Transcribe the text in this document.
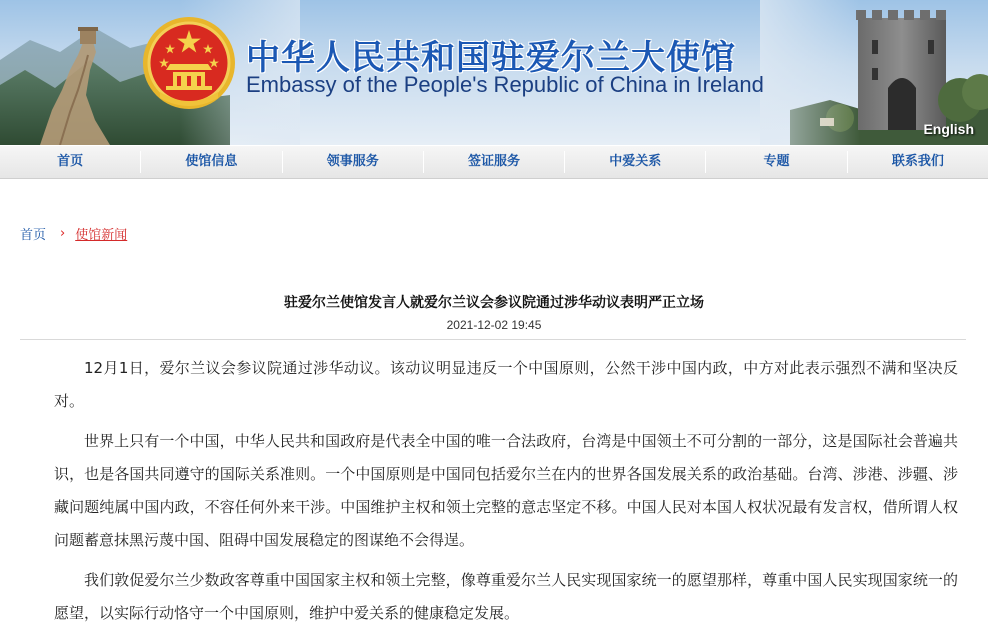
中华人民共和国驻爱尔兰大使馆
Embassy of the People's Republic of China in Ireland
English
首页	使馆信息	领事服务	签证服务	中爱关系	专题	联系我们
首页 › 使馆新闻
驻爱尔兰使馆发言人就爱尔兰议会参议院通过涉华动议表明严正立场
2021-12-02 19:45

12月1日，爱尔兰议会参议院通过涉华动议。该动议明显违反一个中国原则，公然干涉中国内政，中方对此表示强烈不满和坚决反对。

世界上只有一个中国，中华人民共和国政府是代表全中国的唯一合法政府，台湾是中国领土不可分割的一部分，这是国际社会普遍共识，也是各国共同遵守的国际关系准则。一个中国原则是中国同包括爱尔兰在内的世界各国发展关系的政治基础。台湾、涉港、涉疆、涉藏问题纯属中国内政，不容任何外来干涉。中国维护主权和领土完整的意志坚定不移。中国人民对本国人权状况最有发言权，借所谓人权问题蓄意抹黑污蔑中国、阻碍中国发展稳定的图谋绝不会得逞。

我们敦促爱尔兰少数政客尊重中国国家主权和领土完整，像尊重爱尔兰人民实现国家统一的愿望那样，尊重中国人民实现国家统一的愿望，以实际行动恪守一个中国原则，维护中爱关系的健康稳定发展。
